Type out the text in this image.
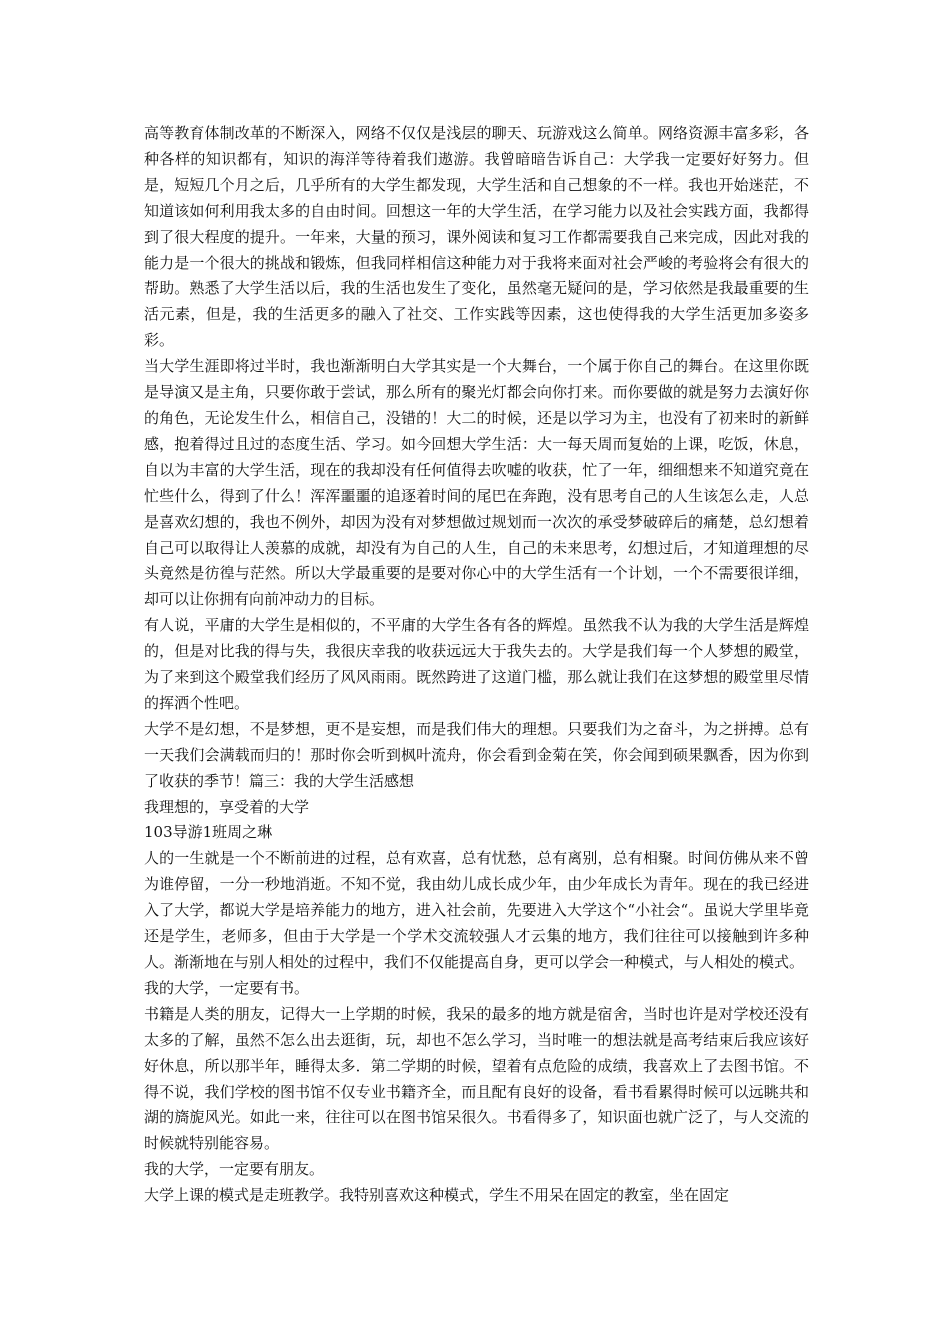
高等教育体制改革的不断深入，网络不仅仅是浅层的聊天、玩游戏这么简单。网络资源丰富多彩，各种各样的知识都有，知识的海洋等待着我们遨游。我曾暗暗告诉自己：大学我一定要好好努力。但是，短短几个月之后，几乎所有的大学生都发现，大学生活和自己想象的不一样。我也开始迷茫，不知道该如何利用我太多的自由时间。回想这一年的大学生活，在学习能力以及社会实践方面，我都得到了很大程度的提升。一年来，大量的预习，课外阅读和复习工作都需要我自己来完成，因此对我的能力是一个很大的挑战和锻炼，但我同样相信这种能力对于我将来面对社会严峻的考验将会有很大的帮助。熟悉了大学生活以后，我的生活也发生了变化，虽然毫无疑问的是，学习依然是我最重要的生活元素，但是，我的生活更多的融入了社交、工作实践等因素，这也使得我的大学生活更加多姿多彩。

当大学生涯即将过半时，我也渐渐明白大学其实是一个大舞台，一个属于你自己的舞台。在这里你既是导演又是主角，只要你敢于尝试，那么所有的聚光灯都会向你打来。而你要做的就是努力去演好你的角色，无论发生什么，相信自己，没错的！大二的时候，还是以学习为主，也没有了初来时的新鲜感，抱着得过且过的态度生活、学习。如今回想大学生活：大一每天周而复始的上课，吃饭，休息，自以为丰富的大学生活，现在的我却没有任何值得去吹嘘的收获，忙了一年，细细想来不知道究竟在忙些什么，得到了什么！浑浑噩噩的追逐着时间的尾巴在奔跑，没有思考自己的人生该怎么走，人总是喜欢幻想的，我也不例外，却因为没有对梦想做过规划而一次次的承受梦破碎后的痛楚，总幻想着自己可以取得让人羡慕的成就，却没有为自己的人生，自己的未来思考，幻想过后，才知道理想的尽头竟然是彷徨与茫然。所以大学最重要的是要对你心中的大学生活有一个计划，一个不需要很详细，却可以让你拥有向前冲动力的目标。

有人说，平庸的大学生是相似的，不平庸的大学生各有各的辉煌。虽然我不认为我的大学生活是辉煌的，但是对比我的得与失，我很庆幸我的收获远远大于我失去的。大学是我们每一个人梦想的殿堂，为了来到这个殿堂我们经历了风风雨雨。既然跨进了这道门槛，那么就让我们在这梦想的殿堂里尽情的挥洒个性吧。

大学不是幻想，不是梦想，更不是妄想，而是我们伟大的理想。只要我们为之奋斗，为之拼搏。总有一天我们会满载而归的！那时你会听到枫叶流舟，你会看到金菊在笑，你会闻到硕果飘香，因为你到了收获的季节！篇三：我的大学生活感想

我理想的，享受着的大学

103导游1班周之琳

人的一生就是一个不断前进的过程，总有欢喜，总有忧愁，总有离别，总有相聚。时间仿佛从来不曾为谁停留，一分一秒地消逝。不知不觉，我由幼儿成长成少年，由少年成长为青年。现在的我已经进入了大学，都说大学是培养能力的地方，进入社会前，先要进入大学这个“小社会“。虽说大学里毕竟还是学生，老师多，但由于大学是一个学术交流较强人才云集的地方，我们往往可以接触到许多种人。渐渐地在与别人相处的过程中，我们不仅能提高自身，更可以学会一种模式，与人相处的模式。

我的大学，一定要有书。

书籍是人类的朋友，记得大一上学期的时候，我呆的最多的地方就是宿舍，当时也许是对学校还没有太多的了解，虽然不怎么出去逛街，玩，却也不怎么学习，当时唯一的想法就是高考结束后我应该好好休息，所以那半年，睡得太多．第二学期的时候，望着有点危险的成绩，我喜欢上了去图书馆。不得不说，我们学校的图书馆不仅专业书籍齐全，而且配有良好的设备，看书看累得时候可以远眺共和湖的旖旎风光。如此一来，往往可以在图书馆呆很久。书看得多了，知识面也就广泛了，与人交流的时候就特别能容易。

我的大学，一定要有朋友。

大学上课的模式是走班教学。我特别喜欢这种模式，学生不用呆在固定的教室，坐在固定
